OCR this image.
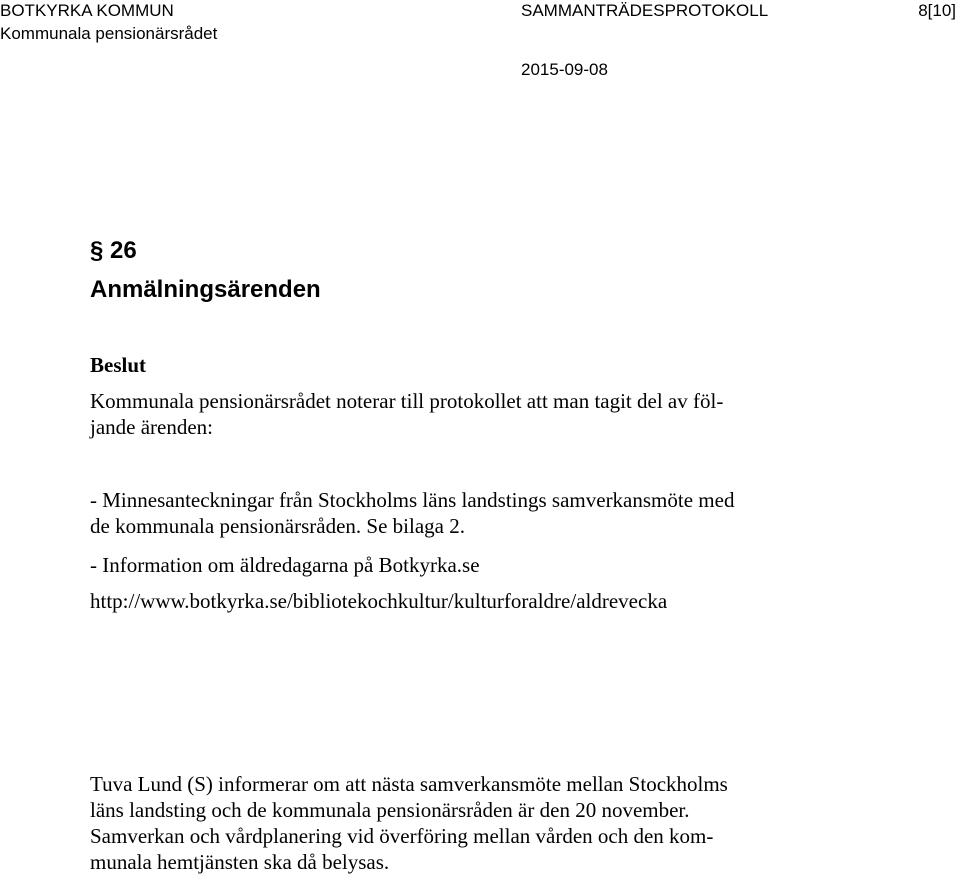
BOTKYRKA KOMMUN
Kommunala pensionärsrådet
SAMMANTRÄDESPROTOKOLL	8[10]
2015-09-08
§ 26
Anmälningsärenden
Beslut
Kommunala pensionärsrådet noterar till protokollet att man tagit del av föl-
jande ärenden:
- Minnesanteckningar från Stockholms läns landstings samverkansmöte med
de kommunala pensionärsråden. Se bilaga 2.
- Information om äldredagarna på Botkyrka.se
http://www.botkyrka.se/bibliotekochkultur/kulturforaldre/aldrevecka
Tuva Lund (S) informerar om att nästa samverkansmöte mellan Stockholms
läns landsting och de kommunala pensionärsråden är den 20 november.
Samverkan och vårdplanering vid överföring mellan vården och den kom-
munala hemtjänsten ska då belysas.
